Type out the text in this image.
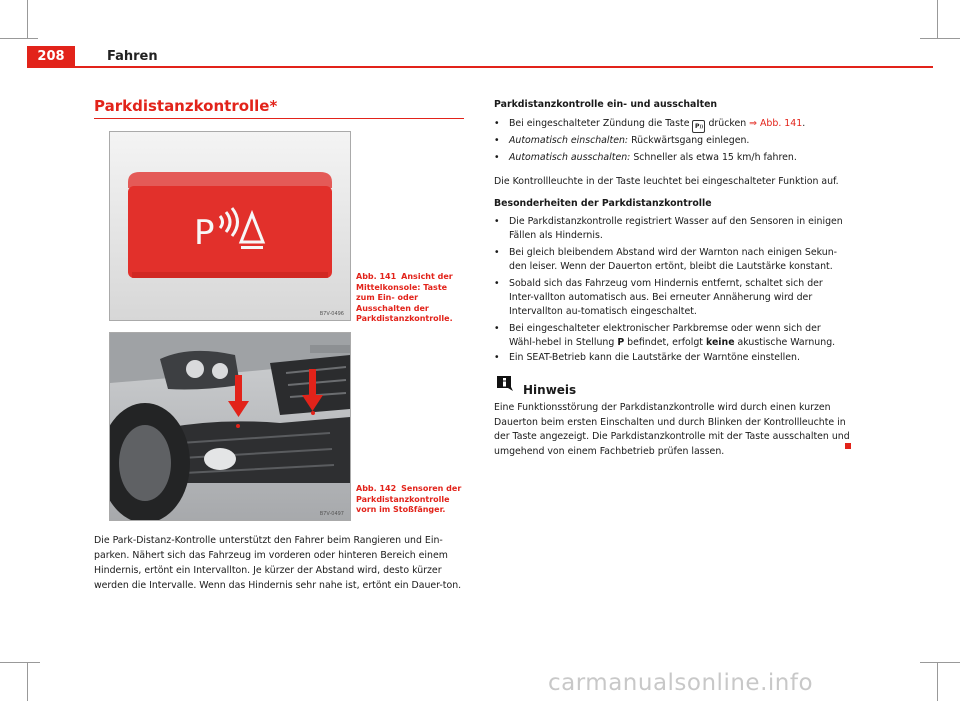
208	Fahren
Parkdistanzkontrolle*
P
B7V-0496
Abb. 141 Ansicht der Mittelkonsole: Taste zum Ein- oder Ausschalten der Parkdistanzkontrolle.
B7V-0497
Abb. 142 Sensoren der Parkdistanzkontrolle vorn im Stoßfänger.
Die Park-Distanz-Kontrolle unterstützt den Fahrer beim Rangieren und Ein-parken. Nähert sich das Fahrzeug im vorderen oder hinteren Bereich einem Hindernis, ertönt ein Intervallton. Je kürzer der Abstand wird, desto kürzer werden die Intervalle. Wenn das Hindernis sehr nahe ist, ertönt ein Dauer-ton.
Parkdistanzkontrolle ein- und ausschalten
•	Bei eingeschalteter Zündung die Taste P)) drücken ⇒ Abb. 141.
•	Automatisch einschalten: Rückwärtsgang einlegen.
•	Automatisch ausschalten: Schneller als etwa 15 km/h fahren.
Die Kontrollleuchte in der Taste leuchtet bei eingeschalteter Funktion auf.
Besonderheiten der Parkdistanzkontrolle
•	Die Parkdistanzkontrolle registriert Wasser auf den Sensoren in einigen Fällen als Hindernis.
•	Bei gleich bleibendem Abstand wird der Warnton nach einigen Sekun-den leiser. Wenn der Dauerton ertönt, bleibt die Lautstärke konstant.
•	Sobald sich das Fahrzeug vom Hindernis entfernt, schaltet sich der Inter-vallton automatisch aus. Bei erneuter Annäherung wird der Intervallton au-tomatisch eingeschaltet.
•	Bei eingeschalteter elektronischer Parkbremse oder wenn sich der Wähl-hebel in Stellung P befindet, erfolgt keine akustische Warnung.
•	Ein SEAT-Betrieb kann die Lautstärke der Warntöne einstellen.
Hinweis
Eine Funktionsstörung der Parkdistanzkontrolle wird durch einen kurzen Dauerton beim ersten Einschalten und durch Blinken der Kontrollleuchte in der Taste angezeigt. Die Parkdistanzkontrolle mit der Taste ausschalten und umgehend von einem Fachbetrieb prüfen lassen.
carmanualsonline.info
